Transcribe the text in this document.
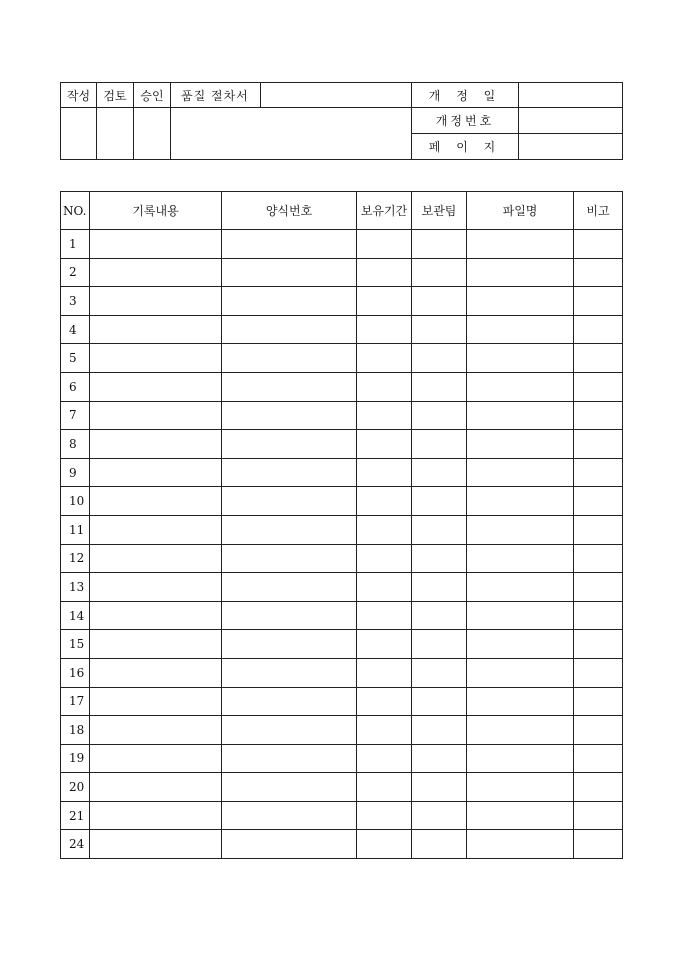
작성	검토	승인	품질 절차서		개 정 일	
					개정번호	
					페 이 지	
NO.	기록내용	양식번호	보유기간	보관팀	파일명	비고
1						
2						
3						
4						
5						
6						
7						
8						
9						
10						
11						
12						
13						
14						
15						
16						
17						
18						
19						
20						
21						
24						
